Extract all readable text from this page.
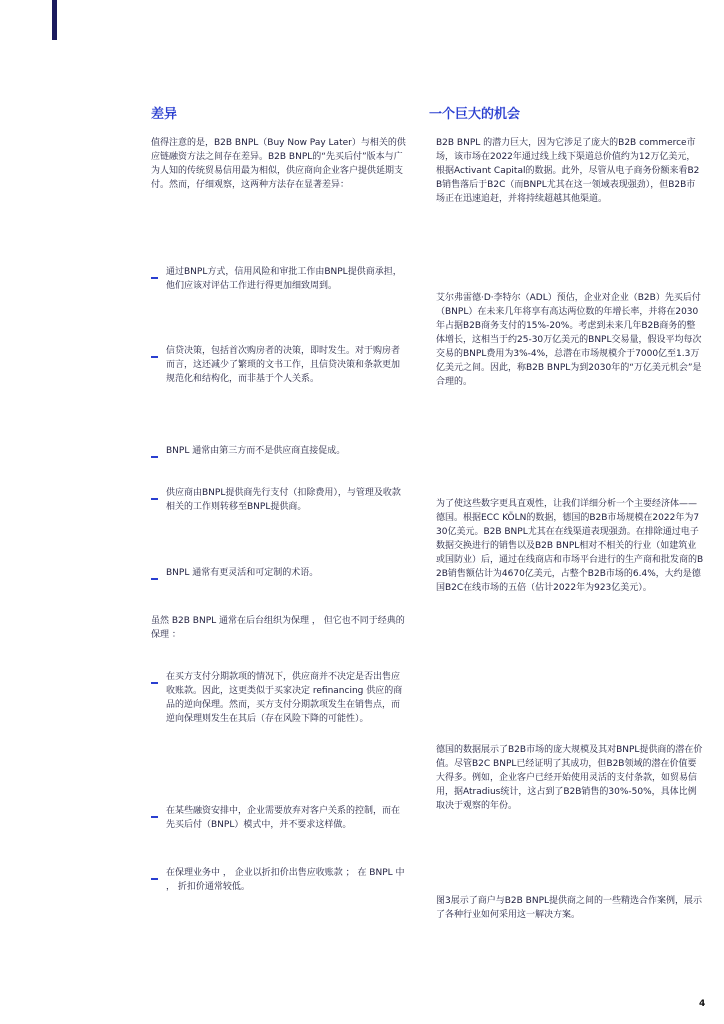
差异	一个巨大的机会

值得注意的是，B2B BNPL（Buy Now Pay Later）与相关的供应链融资方法之间存在差异。B2B BNPL的“先买后付”版本与广为人知的传统贸易信用最为相似，供应商向企业客户提供延期支付。然而，仔细观察，这两种方法存在显著差异：

通过BNPL方式，信用风险和审批工作由BNPL提供商承担，他们应该对评估工作进行得更加细致周到。
信贷决策，包括首次购房者的决策，即时发生。对于购房者而言，这还减少了繁琐的文书工作，且信贷决策和条款更加规范化和结构化，而非基于个人关系。
BNPL 通常由第三方而不是供应商直接促成。
供应商由BNPL提供商先行支付（扣除费用），与管理及收款相关的工作则转移至BNPL提供商。
BNPL 通常有更灵活和可定制的术语。

虽然 B2B BNPL 通常在后台组织为保理 ， 但它也不同于经典的保理 ：

在买方支付分期款项的情况下，供应商并不决定是否出售应收账款。因此，这更类似于买家决定 refinancing 供应的商品的逆向保理。然而，买方支付分期款项发生在销售点，而逆向保理则发生在其后（存在风险下降的可能性）。
在某些融资安排中，企业需要放弃对客户关系的控制，而在先买后付（BNPL）模式中，并不要求这样做。
在保理业务中 ， 企业以折扣价出售应收账款 ； 在 BNPL 中 ， 折扣价通常较低。

B2B BNPL 的潜力巨大，因为它涉足了庞大的B2B commerce市场，该市场在2022年通过线上线下渠道总价值约为12万亿美元，根据Activant Capital的数据。此外，尽管从电子商务份额来看B2B销售落后于B2C（而BNPL尤其在这一领域表现强劲），但B2B市场正在迅速追赶，并将持续超越其他渠道。

艾尔弗雷德·D·李特尔（ADL）预估，企业对企业（B2B）先买后付（BNPL）在未来几年将享有高达两位数的年增长率，并将在2030年占据B2B商务支付的15%-20%。考虑到未来几年B2B商务的整体增长，这相当于约25-30万亿美元的BNPL交易量，假设平均每次交易的BNPL费用为3%-4%，总潜在市场规模介于7000亿至1.3万亿美元之间。因此，称B2B BNPL为到2030年的“万亿美元机会”是合理的。

为了使这些数字更具直观性，让我们详细分析一个主要经济体——德国。根据ECC KÖLN的数据，德国的B2B市场规模在2022年为730亿美元。B2B BNPL尤其在在线渠道表现强劲。在排除通过电子数据交换进行的销售以及B2B BNPL相对不相关的行业（如建筑业或国防业）后，通过在线商店和市场平台进行的生产商和批发商的B2B销售额估计为4670亿美元，占整个B2B市场的6.4%，大约是德国B2C在线市场的五倍（估计2022年为923亿美元）。

德国的数据展示了B2B市场的庞大规模及其对BNPL提供商的潜在价值。尽管B2C BNPL已经证明了其成功，但B2B领域的潜在价值要大得多。例如，企业客户已经开始使用灵活的支付条款，如贸易信用，据Atradius统计，这占到了B2B销售的30%-50%，具体比例取决于观察的年份。

图3展示了商户与B2B BNPL提供商之间的一些精选合作案例，展示了各种行业如何采用这一解决方案。

4
